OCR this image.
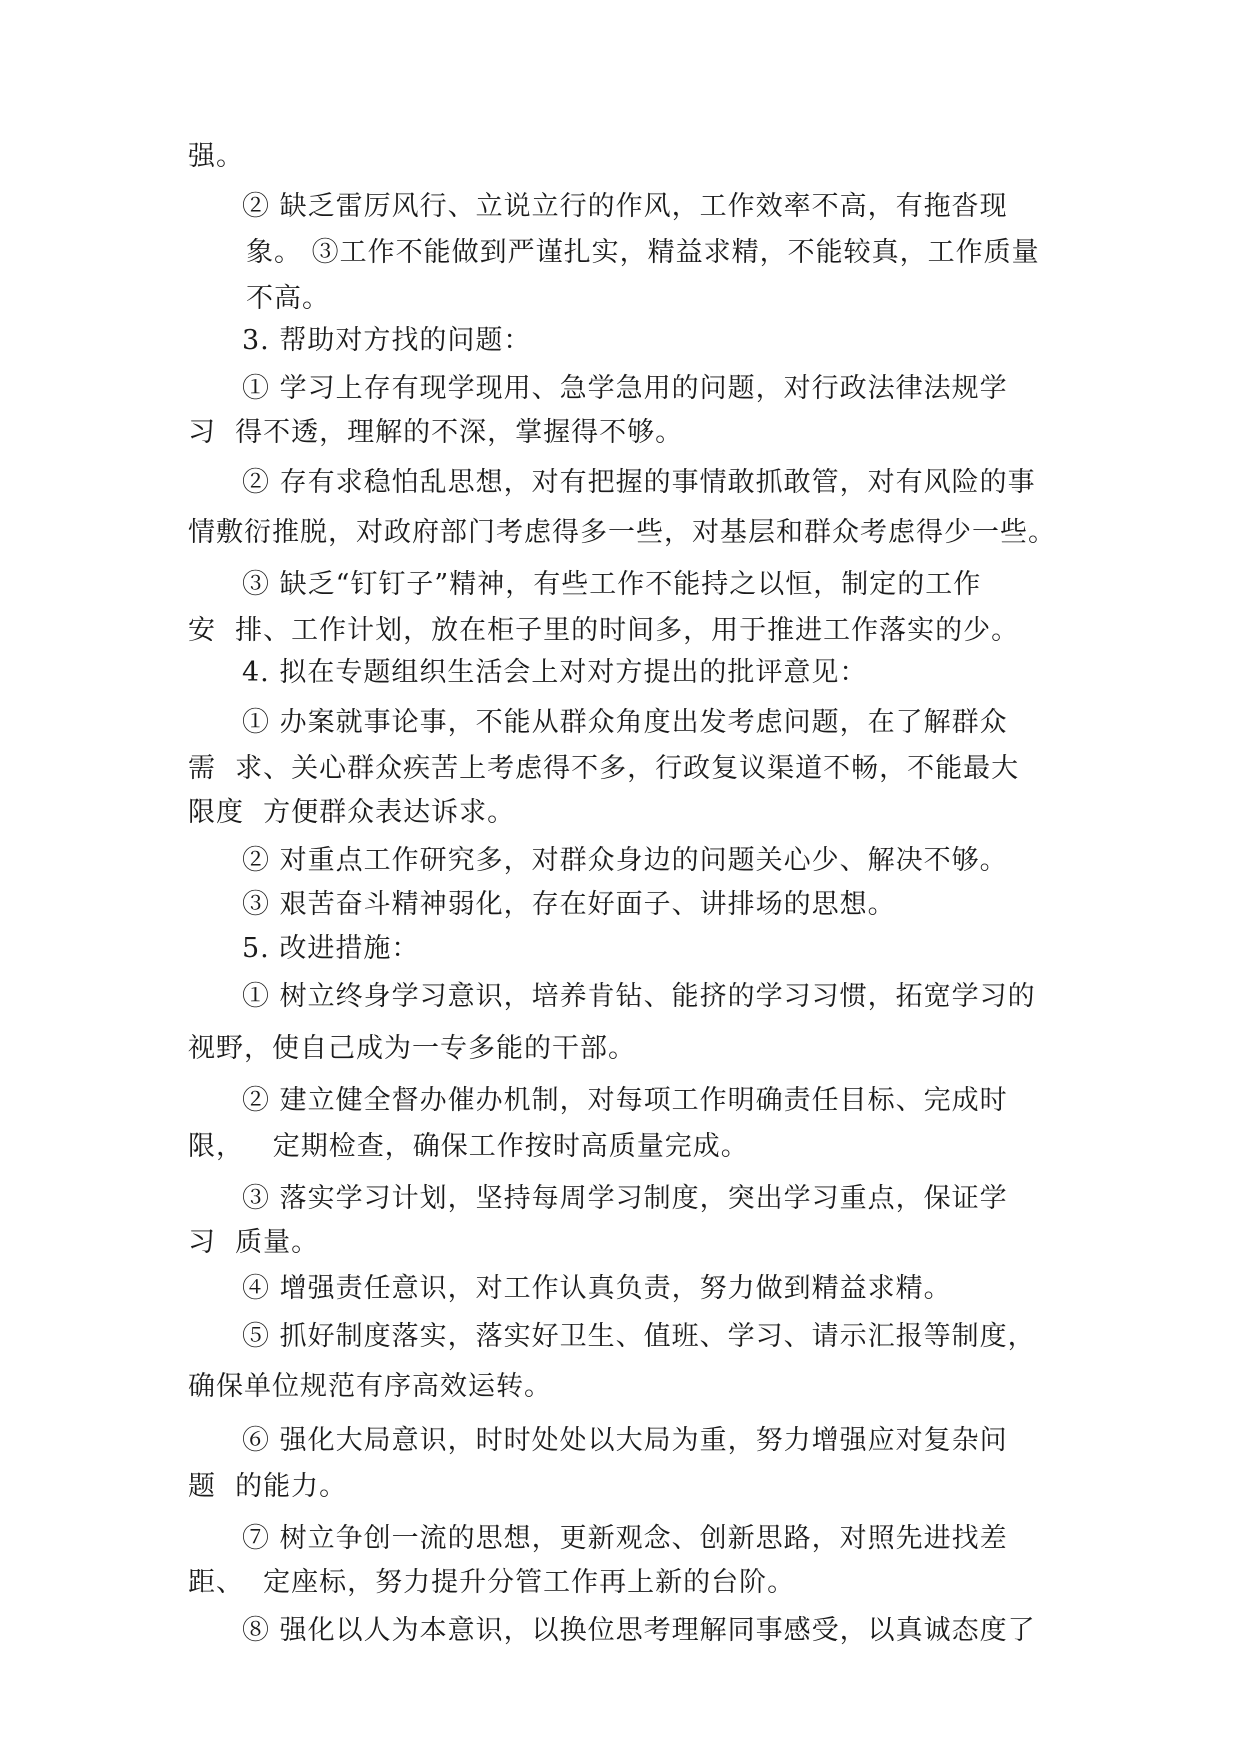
强。
② 缺乏雷厉风行、立说立行的作风，工作效率不高，有拖沓现
象。 ③工作不能做到严谨扎实，精益求精，不能较真，工作质量
不高。
3. 帮助对方找的问题：
① 学习上存有现学现用、急学急用的问题，对行政法律法规学
习  得不透，理解的不深，掌握得不够。
② 存有求稳怕乱思想，对有把握的事情敢抓敢管，对有风险的事
情敷衍推脱，对政府部门考虑得多一些，对基层和群众考虑得少一些。
③ 缺乏“钉钉子”精神，有些工作不能持之以恒，制定的工作
安  排、工作计划，放在柜子里的时间多，用于推进工作落实的少。
4. 拟在专题组织生活会上对对方提出的批评意见：
① 办案就事论事，不能从群众角度出发考虑问题，在了解群众
需  求、关心群众疾苦上考虑得不多，行政复议渠道不畅，不能最大
限度  方便群众表达诉求。
② 对重点工作研究多，对群众身边的问题关心少、解决不够。
③ 艰苦奋斗精神弱化，存在好面子、讲排场的思想。
5. 改进措施：
① 树立终身学习意识，培养肯钻、能挤的学习习惯，拓宽学习的
视野，使自己成为一专多能的干部。
② 建立健全督办催办机制，对每项工作明确责任目标、完成时
限，   定期检查，确保工作按时高质量完成。
③ 落实学习计划，坚持每周学习制度，突出学习重点，保证学
习  质量。
④ 增强责任意识，对工作认真负责，努力做到精益求精。
⑤ 抓好制度落实，落实好卫生、值班、学习、请示汇报等制度，
确保单位规范有序高效运转。
⑥ 强化大局意识，时时处处以大局为重，努力增强应对复杂问
题  的能力。
⑦ 树立争创一流的思想，更新观念、创新思路，对照先进找差
距、  定座标，努力提升分管工作再上新的台阶。
⑧ 强化以人为本意识，以换位思考理解同事感受，以真诚态度了
